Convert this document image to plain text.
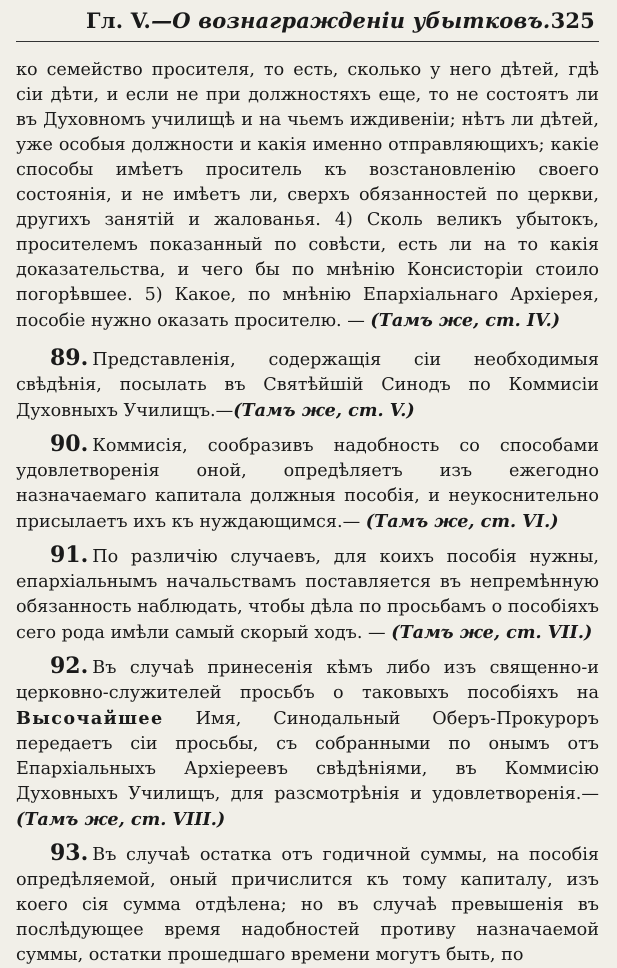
Гл. V.—О вознагражденіи убытковъ. 325

ко семейство просителя, то есть, сколько у него дѣтей, гдѣ сіи дѣти, и если не при должностяхъ еще, то не состоятъ ли въ Духовномъ училищѣ и на чьемъ иждивеніи; нѣтъ ли дѣтей, уже особыя должности и какія именно отправляющихъ; какіе способы имѣетъ проситель къ возстановленію своего состоянія, и не имѣетъ ли, сверхъ обязанностей по церкви, другихъ занятій и жалованья. 4) Сколь великъ убытокъ, просителемъ показанный по совѣсти, есть ли на то какія доказательства, и чего бы по мнѣнію Консисторіи стоило погорѣвшее. 5) Какое, по мнѣнію Епархіальнаго Архіерея, пособіе нужно оказать просителю. — (Тамъ же, ст. IV.)

89. Представленія, содержащія сіи необходимыя свѣдѣнія, посылать въ Святѣйшій Синодъ по Коммисіи Духовныхъ Училищъ.—(Тамъ же, ст. V.)

90. Коммисія, сообразивъ надобность со способами удовлетворенія оной, опредѣляетъ изъ ежегодно назначаемаго капитала должныя пособія, и неукоснительно присылаетъ ихъ къ нуждающимся.— (Тамъ же, ст. VI.)

91. По различію случаевъ, для коихъ пособія нужны, епархіальнымъ начальствамъ поставляется въ непремѣнную обязанность наблюдать, чтобы дѣла по просьбамъ о пособіяхъ сего рода имѣли самый скорый ходъ. — (Тамъ же, ст. VII.)

92. Въ случаѣ принесенія кѣмъ либо изъ священно-и церковно-служителей просьбъ о таковыхъ пособіяхъ на Высочайшее Имя, Синодальный Оберъ-Прокуроръ передаетъ сіи просьбы, съ собранными по онымъ отъ Епархіальныхъ Архіереевъ свѣдѣніями, въ Коммисію Духовныхъ Училищъ, для разсмотрѣнія и удовлетворенія.—(Тамъ же, ст. VIII.)

93. Въ случаѣ остатка отъ годичной суммы, на пособія опредѣляемой, оный причислится къ тому капиталу, изъ коего сія сумма отдѣлена; но въ случаѣ превышенія въ послѣдующее время надобностей противу назначаемой суммы, остатки прошедшаго времени могутъ быть, по
